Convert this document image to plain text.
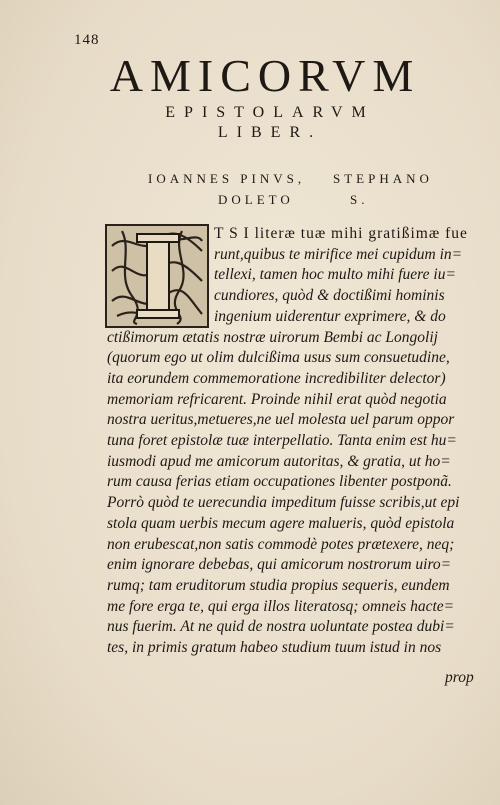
148
AMICORVM
EPISTOLARVM
LIBER.
IOANNES PINVS, STEPHANO
DOLETO	S.
T S I literæ tuæ mihi gratißimæ fue
runt,quibus te mirifice mei cupidum in=
tellexi, tamen hoc multo mihi fuere iu=
cundiores, quòd & doctißimi hominis
ingenium uiderentur exprimere, & do
ctißimorum ætatis nostræ uirorum Bembi ac Longolij
(quorum ego ut olim dulcißima usus sum consuetudine,
ita eorundem commemoratione incredibiliter delector)
memoriam refricarent. Proinde nihil erat quòd negotia
nostra ueritus,metueres,ne uel molesta uel parum oppor
tuna foret epistolæ tuæ interpellatio. Tanta enim est hu=
iusmodi apud me amicorum autoritas, & gratia, ut ho=
rum causa ferias etiam occupationes libenter postponã.
Porrò quòd te uerecundia impeditum fuisse scribis,ut epi
stola quam uerbis mecum agere malueris, quòd epistola
non erubescat,non satis commodè potes prætexere, neq;
enim ignorare debebas, qui amicorum nostrorum uiro=
rumq; tam eruditorum studia propius sequeris, eundem
me fore erga te, qui erga illos literatosq; omneis hacte=
nus fuerim. At ne quid de nostra uoluntate postea dubi=
tes, in primis gratum habeo studium tuum istud in nos
prop
